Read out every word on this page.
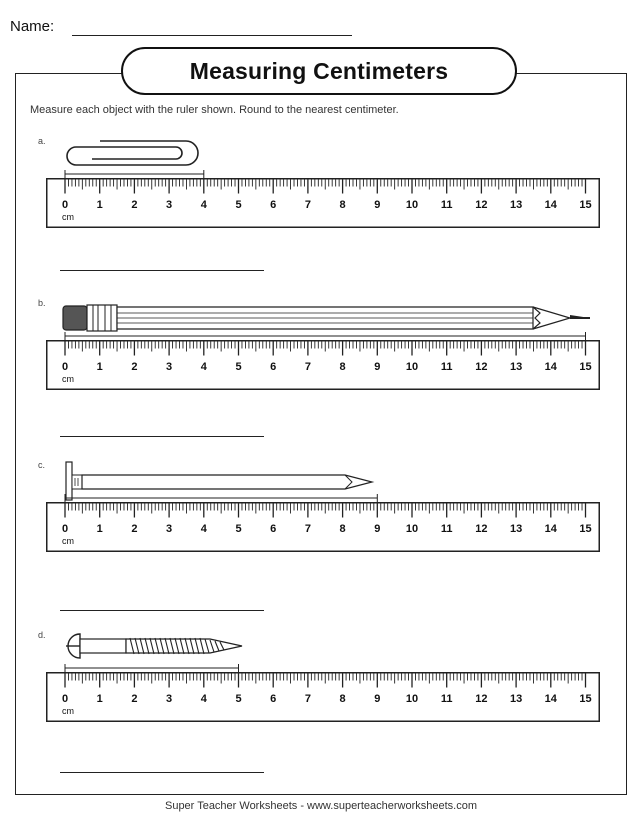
Name:
Measuring Centimeters
Measure each object with the ruler shown. Round to the nearest centimeter.
a.
0	1	2	3	4	5	6	7	8	9 10 11 12 13 14 15
cm
b.
0	1	2	3	4	5	6	7	8	9 10 11 12 13 14 15
cm
c.
0	1	2	3	4	5	6	7	8	9 10 11 12 13 14 15
cm
d.
0	1	2	3	4	5	6	7	8	9 10 11 12 13 14 15
cm
Super Teacher Worksheets - www.superteacherworksheets.com
